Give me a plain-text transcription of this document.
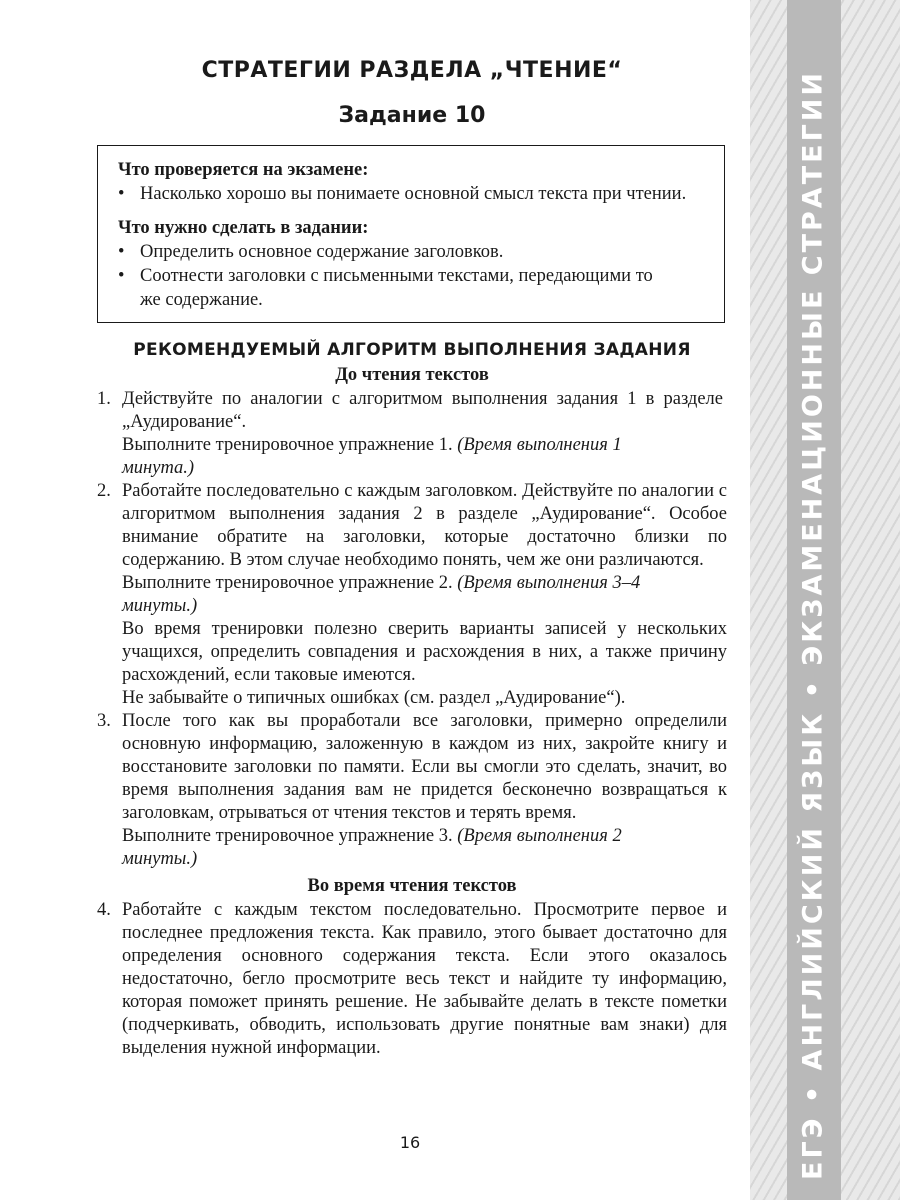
ЕГЭ • АНГЛИЙСКИЙ ЯЗЫК • ЭКЗАМЕНАЦИОННЫЕ СТРАТЕГИИ
СТРАТЕГИИ РАЗДЕЛА „ЧТЕНИЕ“
Задание 10
Что проверяется на экзамене:
• Насколько хорошо вы понимаете основной смысл текста при чтении.
Что нужно сделать в задании:
• Определить основное содержание заголовков.
• Соотнести заголовки с письменными текстами, передающими то же содержание.
РЕКОМЕНДУЕМЫЙ АЛГОРИТМ ВЫПОЛНЕНИЯ ЗАДАНИЯ
До чтения текстов
1. Действуйте по аналогии с алгоритмом выполнения задания 1 в разделе „Аудирование“.

Выполните тренировочное упражнение 1. (Время выполнения 1 минута.)

2. Работайте последовательно с каждым заголовком. Действуйте по аналогии с алгоритмом выполнения задания 2 в разделе „Аудирование“. Особое внимание обратите на заголовки, которые достаточно близки по содержанию. В этом случае необходимо понять, чем же они различаются.

Выполните тренировочное упражнение 2. (Время выполнения 3–4 минуты.)

Во время тренировки полезно сверить варианты записей у нескольких учащихся, определить совпадения и расхождения в них, а также причину расхождений, если таковые имеются.

Не забывайте о типичных ошибках (см. раздел „Аудирование“).

3. После того как вы проработали все заголовки, примерно определили основную информацию, заложенную в каждом из них, закройте книгу и восстановите заголовки по памяти. Если вы смогли это сделать, значит, во время выполнения задания вам не придется бесконечно возвращаться к заголовкам, отрываться от чтения текстов и терять время.

Выполните тренировочное упражнение 3. (Время выполнения 2 минуты.)

Во время чтения текстов
4. Работайте с каждым текстом последовательно. Просмотрите первое и последнее предложения текста. Как правило, этого бывает достаточно для определения основного содержания текста. Если этого оказалось недостаточно, бегло просмотрите весь текст и найдите ту информацию, которая поможет принять решение. Не забывайте делать в тексте пометки (подчеркивать, обводить, использовать другие понятные вам знаки) для выделения нужной информации.

16
